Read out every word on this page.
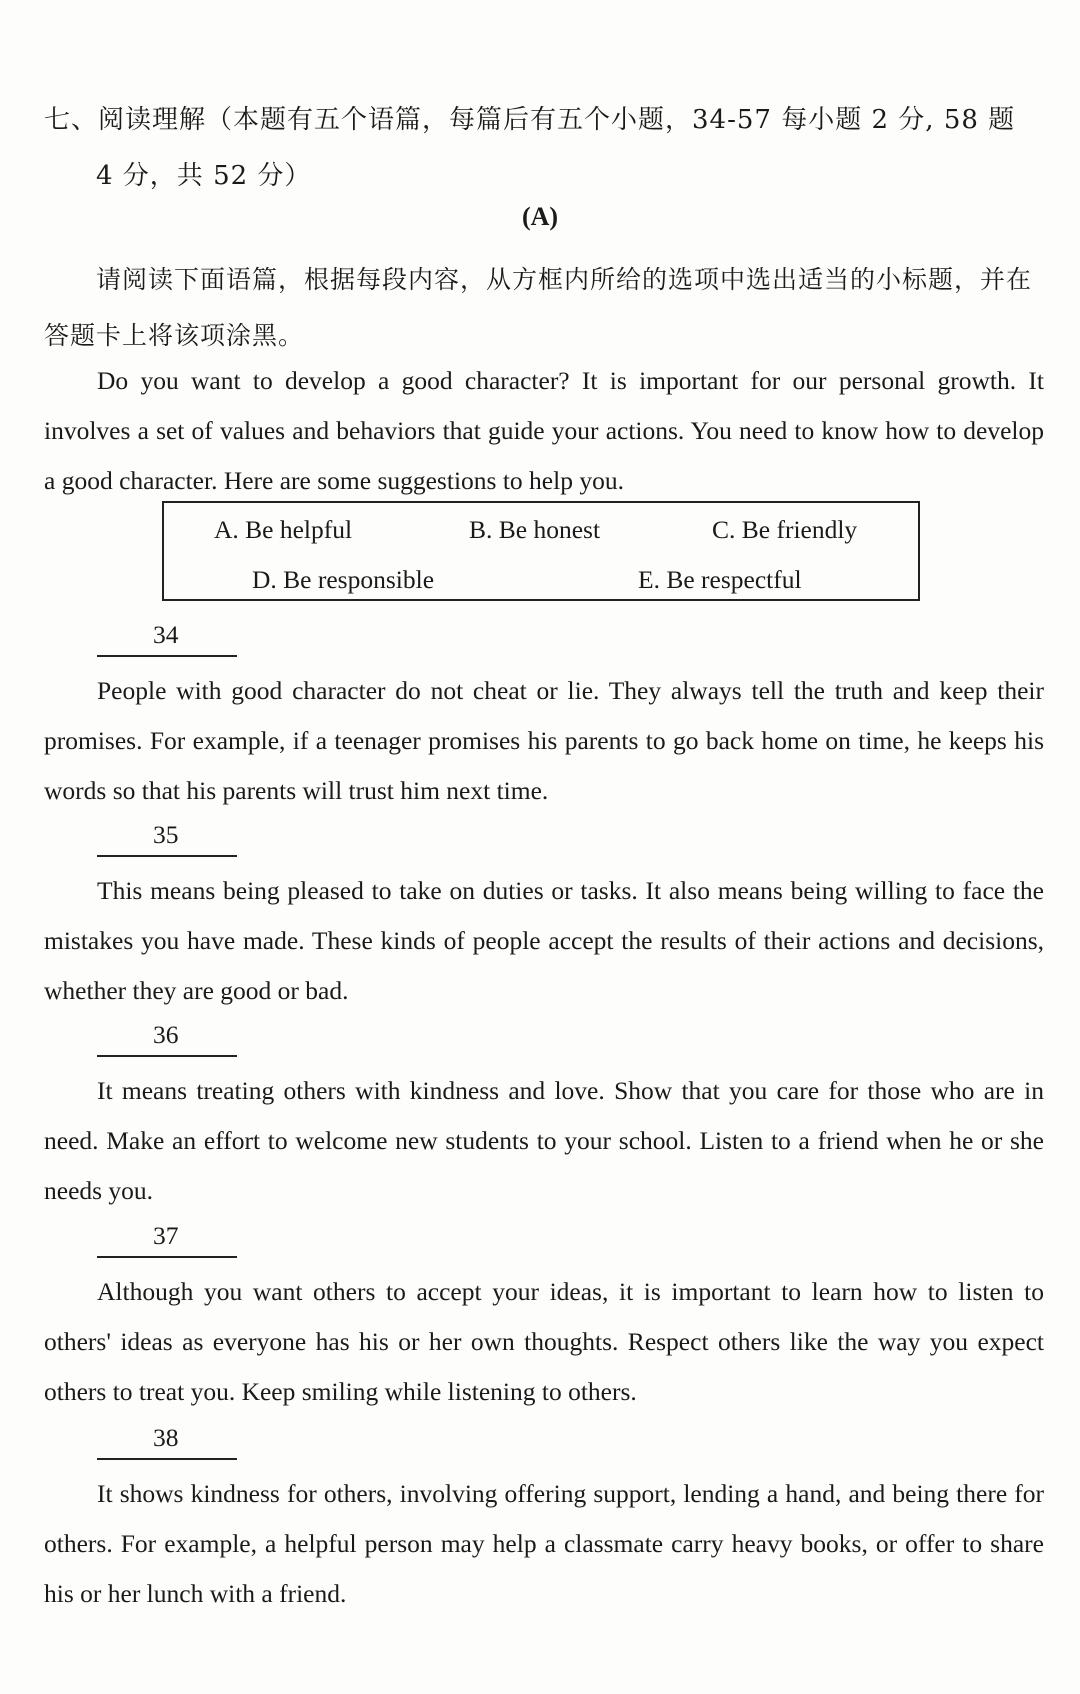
七、阅读理解（本题有五个语篇，每篇后有五个小题，34-57 每小题 2 分, 58 题
4 分，共 52 分）
(A)
请阅读下面语篇，根据每段内容，从方框内所给的选项中选出适当的小标题，并在答题卡上将该项涂黑。
Do you want to develop a good character? It is important for our personal growth. It involves a set of values and behaviors that guide your actions. You need to know how to develop a good character. Here are some suggestions to help you.
A. Be helpful	B. Be honest	C. Be friendly
D. Be responsible	E. Be respectful
34
People with good character do not cheat or lie. They always tell the truth and keep their promises. For example, if a teenager promises his parents to go back home on time, he keeps his words so that his parents will trust him next time.
35
This means being pleased to take on duties or tasks. It also means being willing to face the mistakes you have made. These kinds of people accept the results of their actions and decisions, whether they are good or bad.
36
It means treating others with kindness and love. Show that you care for those who are in need. Make an effort to welcome new students to your school. Listen to a friend when he or she needs you.
37
Although you want others to accept your ideas, it is important to learn how to listen to others' ideas as everyone has his or her own thoughts. Respect others like the way you expect others to treat you. Keep smiling while listening to others.
38
It shows kindness for others, involving offering support, lending a hand, and being there for others. For example, a helpful person may help a classmate carry heavy books, or offer to share his or her lunch with a friend.
